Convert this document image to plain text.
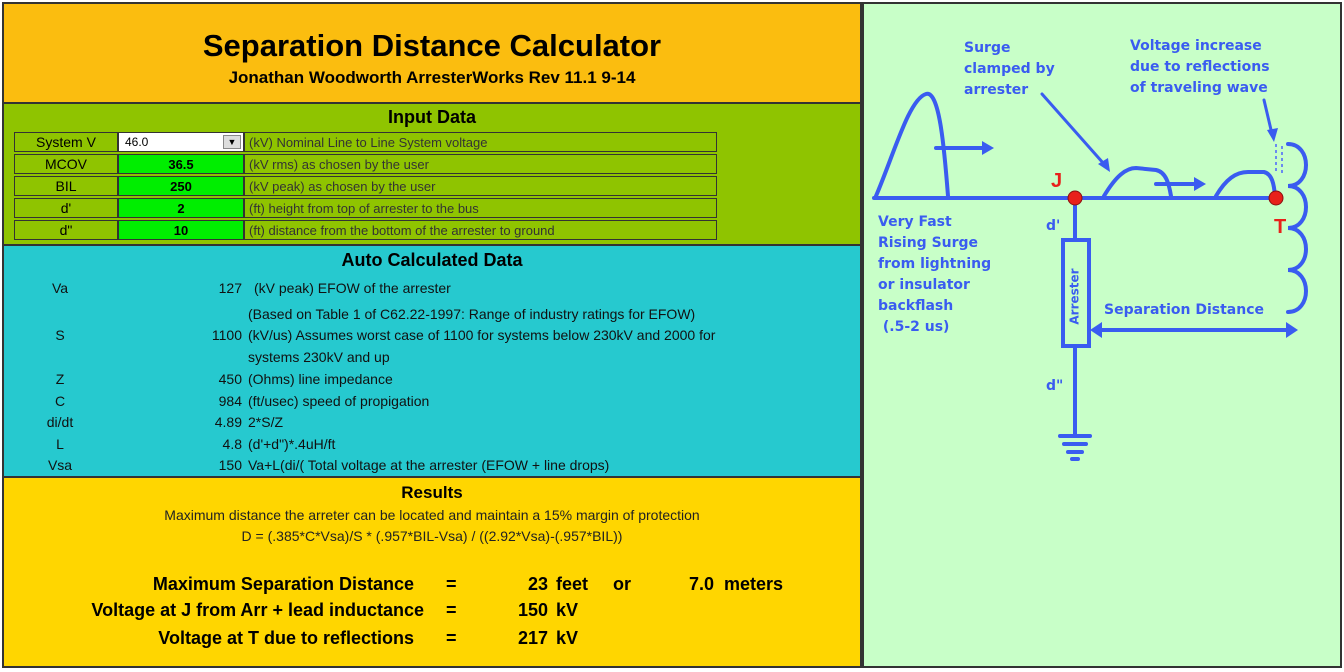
Separation Distance Calculator
Jonathan Woodworth ArresterWorks Rev 11.1 9-14
Input Data
System V	46.0	▼ (kV) Nominal Line to Line System voltage
MCOV	36.5	(kV rms) as chosen by the user
BIL	250	(kV peak) as chosen by the user
d'	2	(ft) height from top of arrester to the bus
d"	10	(ft) distance from the bottom of the arrester to ground
Auto Calculated Data
Va	127 (kV peak) EFOW of the arrester
(Based on Table 1 of C62.22-1997: Range of industry ratings for EFOW)
S	1100 (kV/us) Assumes worst case of 1100 for systems below 230kV and 2000 for
systems 230kV and up
Z	450 (Ohms) line impedance
C	984 (ft/usec) speed of propigation
di/dt	4.89 2*S/Z
L	4.8 (d'+d")*.4uH/ft
Vsa	150 Va+L(di/( Total voltage at the arrester (EFOW + line drops)
Results
Maximum distance the arreter can be located and maintain a 15% margin of protection
D = (.385*C*Vsa)/S * (.957*BIL-Vsa) / ((2.92*Vsa)-(.957*BIL))
Maximum Separation Distance =	23 feet or	7.0 meters
Voltage at J from Arr + lead inductance =	150 kV
Voltage at T due to reflections =	217 kV
Surge
clamped by
arrester
Voltage increase
due to reflections
of traveling wave
Very Fast
Rising Surge
from lightning
or insulator
backflash
(.5-2 us)
J
T
d'
d"
Arrester Separation Distance
